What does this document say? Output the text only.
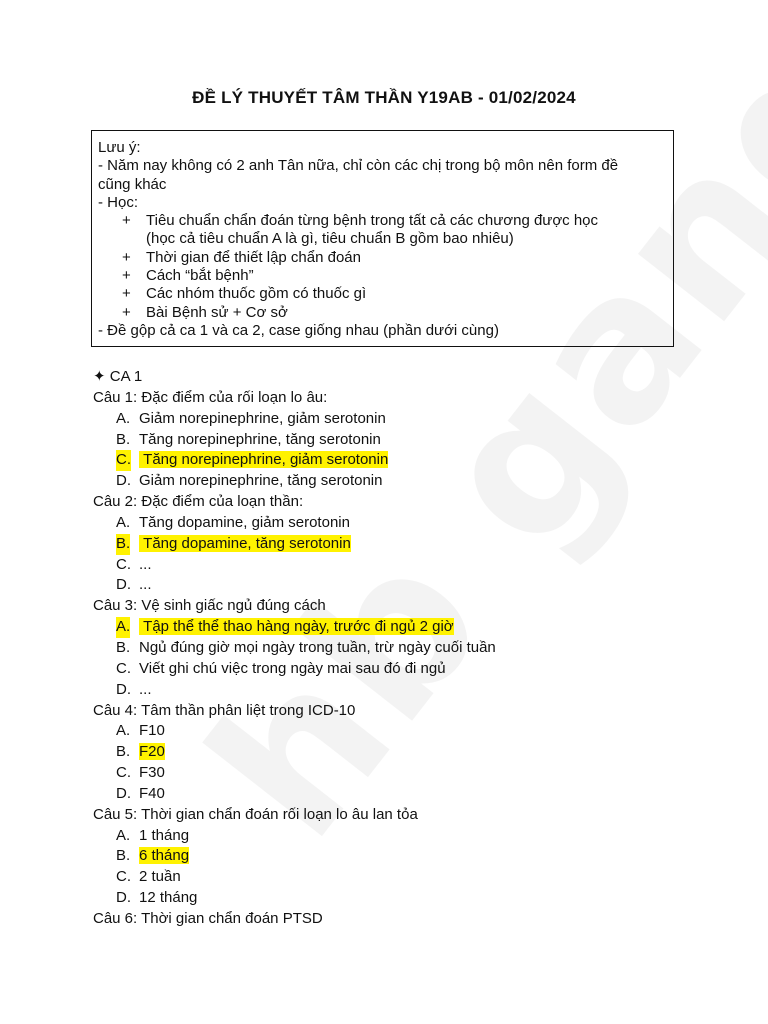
ĐỀ LÝ THUYẾT TÂM THẦN Y19AB - 01/02/2024
Lưu ý:
- Năm nay không có 2 anh Tân nữa, chỉ còn các chị trong bộ môn nên form đề
cũng khác
- Học:
+ Tiêu chuẩn chẩn đoán từng bệnh trong tất cả các chương được học
(học cả tiêu chuẩn A là gì, tiêu chuẩn B gồm bao nhiêu)
+ Thời gian để thiết lập chẩn đoán
+ Cách “bắt bệnh”
+ Các nhóm thuốc gồm có thuốc gì
+ Bài Bệnh sử + Cơ sở
- Đề gộp cả ca 1 và ca 2, case giống nhau (phần dưới cùng)
✦ CA 1
Câu 1: Đặc điểm của rối loạn lo âu:
A. Giảm norepinephrine, giảm serotonin
B. Tăng norepinephrine, tăng serotonin
C. Tăng norepinephrine, giảm serotonin
D. Giảm norepinephrine, tăng serotonin
Câu 2: Đặc điểm của loạn thần:
A. Tăng dopamine, giảm serotonin
B. Tăng dopamine, tăng serotonin
C. ...
D. ...
Câu 3: Vệ sinh giấc ngủ đúng cách
A. Tập thể thể thao hàng ngày, trước đi ngủ 2 giờ
B. Ngủ đúng giờ mọi ngày trong tuần, trừ ngày cuối tuần
C. Viết ghi chú việc trong ngày mai sau đó đi ngủ
D. ...
Câu 4: Tâm thần phân liệt trong ICD-10
A. F10
B. F20
C. F30
D. F40
Câu 5: Thời gian chẩn đoán rối loạn lo âu lan tỏa
A. 1 tháng
B. 6 tháng
C. 2 tuần
D. 12 tháng
Câu 6: Thời gian chẩn đoán PTSD
